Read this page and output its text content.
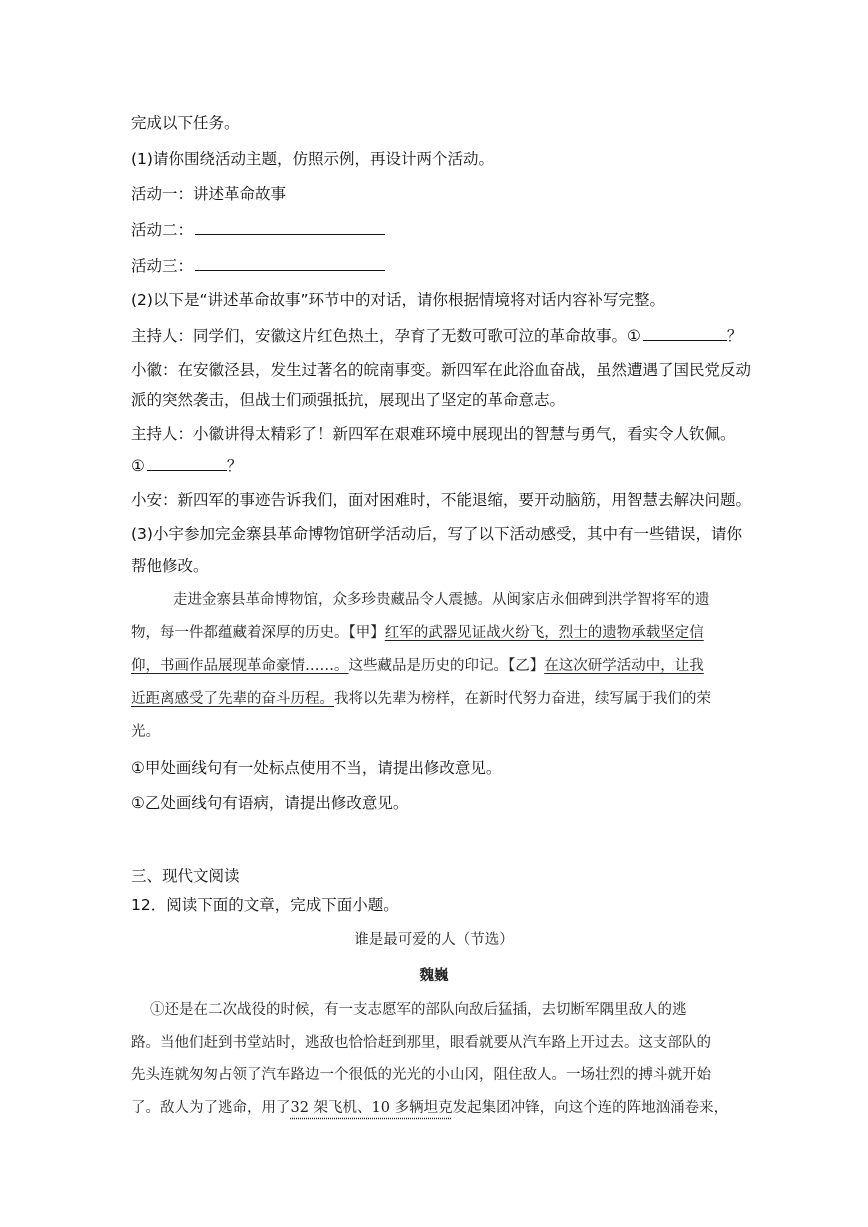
完成以下任务。
(1)请你围绕活动主题，仿照示例，再设计两个活动。
活动一：讲述革命故事
活动二：
活动三：
(2)以下是“讲述革命故事”环节中的对话，请你根据情境将对话内容补写完整。
主持人：同学们，安徽这片红色热土，孕育了无数可歌可泣的革命故事。①	？
小徽：在安徽泾县，发生过著名的皖南事变。新四军在此浴血奋战，虽然遭遇了国民党反动
派的突然袭击，但战士们顽强抵抗，展现出了坚定的革命意志。
主持人：小徽讲得太精彩了！新四军在艰难环境中展现出的智慧与勇气，看实令人钦佩。
①	？
小安：新四军的事迹告诉我们，面对困难时，不能退缩，要开动脑筋，用智慧去解决问题。
(3)小宇参加完金寨县革命博物馆研学活动后，写了以下活动感受，其中有一些错误，请你
帮他修改。
走进金寨县革命博物馆，众多珍贵藏品令人震撼。从闽家店永佃碑到洪学智将军的遗
物，每一件都蕴藏着深厚的历史。【甲】红军的武器见证战火纷飞，烈士的遗物承载坚定信
仰，书画作品展现革命豪情……。这些藏品是历史的印记。【乙】在这次研学活动中，让我
近距离感受了先辈的奋斗历程。我将以先辈为榜样，在新时代努力奋进，续写属于我们的荣
光。
①甲处画线句有一处标点使用不当，请提出修改意见。
①乙处画线句有语病，请提出修改意见。
三、现代文阅读
12．阅读下面的文章，完成下面小题。
谁是最可爱的人（节选）
魏巍
①还是在二次战役的时候，有一支志愿军的部队向敌后猛插，去切断军隅里敌人的逃
路。当他们赶到书堂站时，逃敌也恰恰赶到那里，眼看就要从汽车路上开过去。这支部队的
先头连就匆匆占领了汽车路边一个很低的光光的小山冈，阻住敌人。一场壮烈的搏斗就开始
了。敌人为了逃命，用了32 架飞机、10 多辆坦克发起集团冲锋，向这个连的阵地汹涌卷来，
